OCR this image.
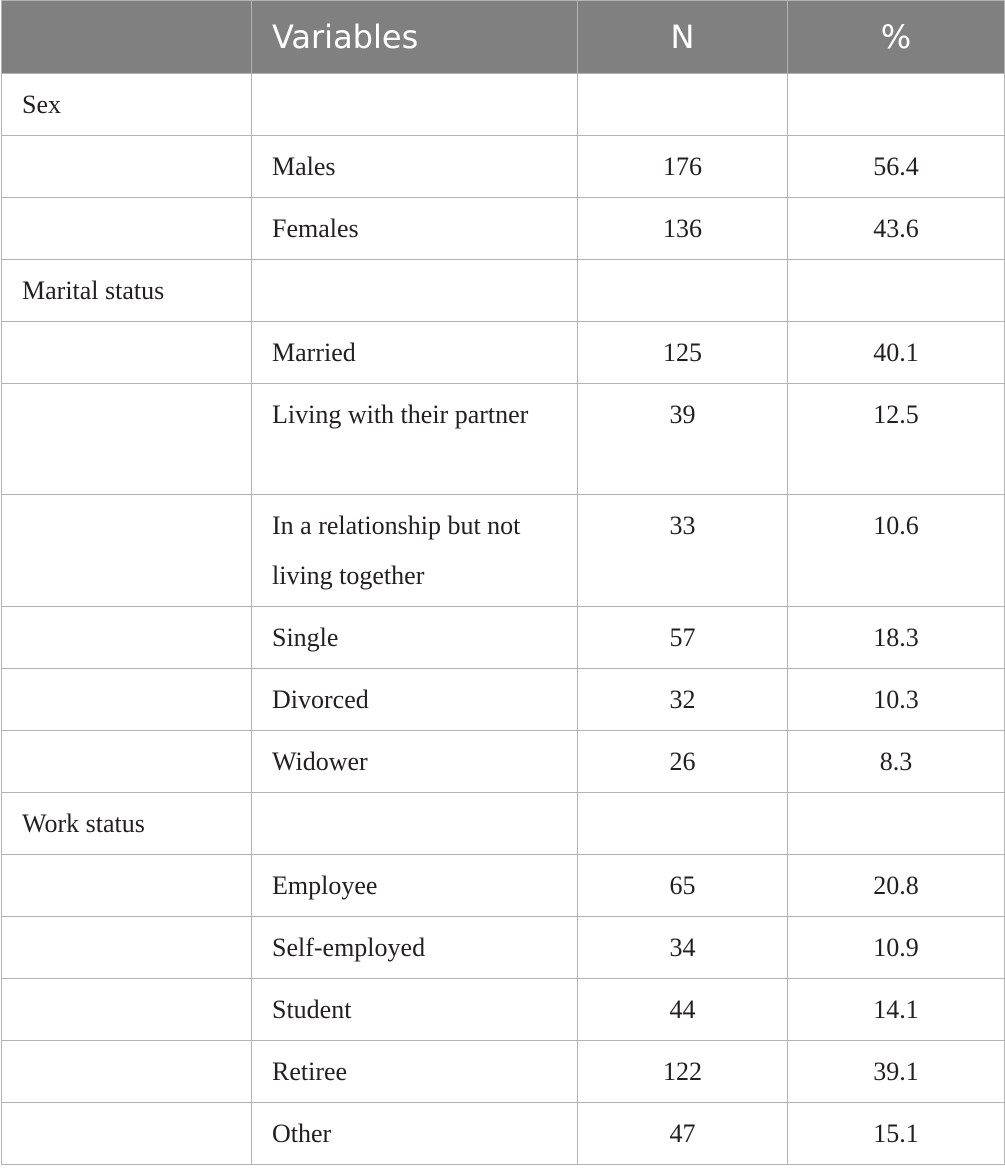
	Variables	N	%
Sex			
	Males	176	56.4
	Females	136	43.6
Marital status			
	Married	125	40.1
	Living with their partner	39	12.5
	In a relationship but not living together	33	10.6
	Single	57	18.3
	Divorced	32	10.3
	Widower	26	8.3
Work status			
	Employee	65	20.8
	Self-employed	34	10.9
	Student	44	14.1
	Retiree	122	39.1
	Other	47	15.1
